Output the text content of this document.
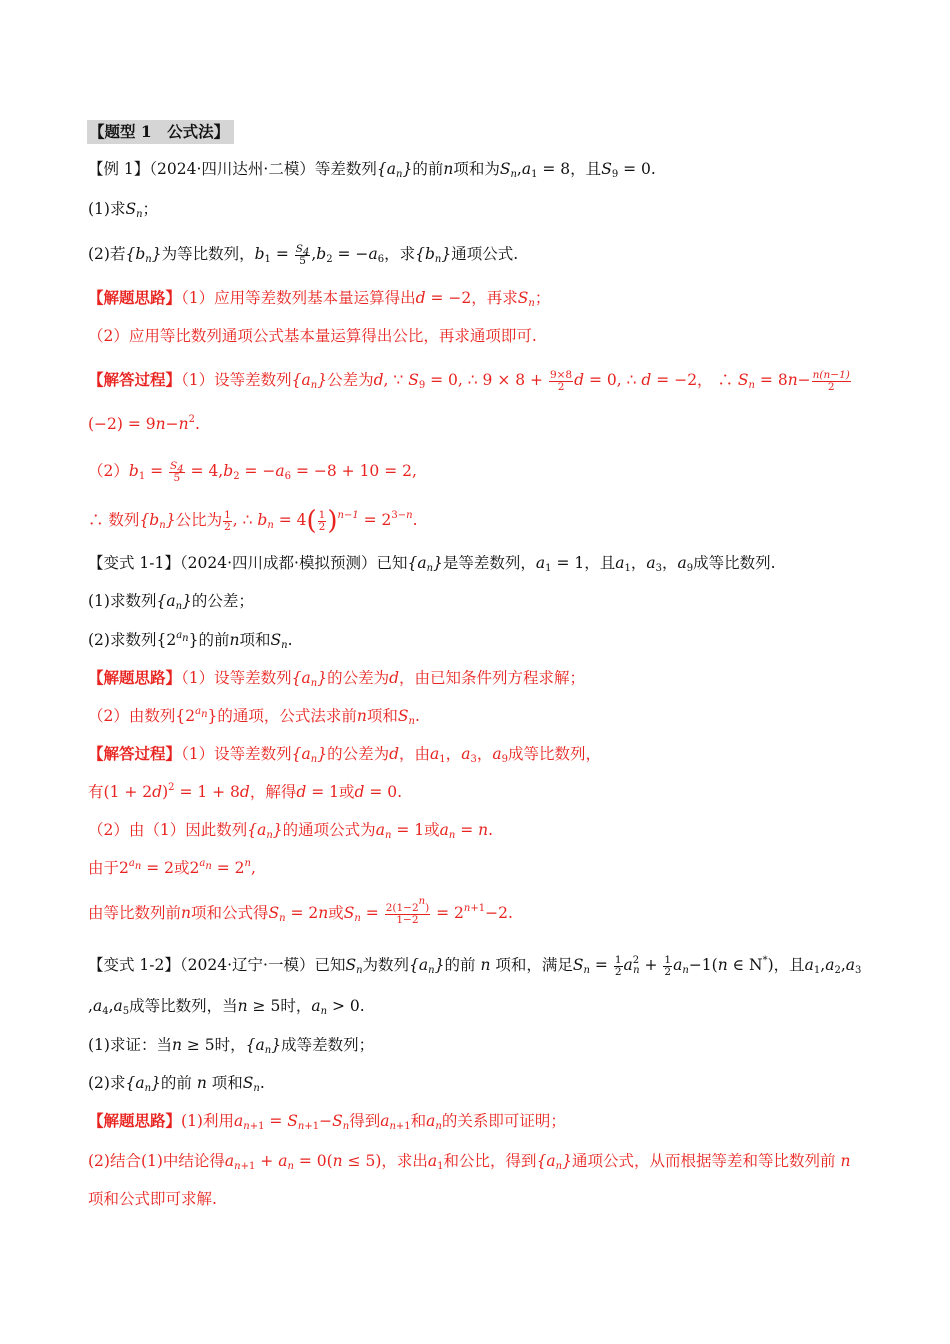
【题型 1　公式法】
【例 1】（2024·四川达州·二模）等差数列$\{a_n\}$的前n项和为$S_n,a_1 = 8$，且$S_9 = 0$.
(1)求$S_n$；
(2)若$\{b_n\}$为等比数列，$b_1 = \frac{S_4}{5} ,b_2 = -a_6$，求$\{b_n\}$通项公式.
【解题思路】（1）应用等差数列基本量运算得出d = −2，再求$S_n$；
（2）应用等比数列通项公式基本量运算得出公比，再求通项即可.
【解答过程】（1）设等差数列$\{a_n\}$公差为d, ∵ $S_9 = 0$, ∴ $9 \times 8 + \frac{9\times 8}{2}$ d = 0, ∴ d = −2， ∴ $S_n = 8n- \frac{n(n-1)}{2}$
$(-2) = 9n-n^2$.
$(2)b_1 = \frac{S_4}{5} = 4,b_2 = -a_6 = -8 + 10 = 2$,
∴ 数列$\{b_n\}$公比为 $\frac{1}{2}$ , ∴ $b_n = 4( \frac{1}{2} )^{n-1} = 2^{3-n}$.
【变式 1-1】（2024·四川成都·模拟预测）已知$\{a_n\}$是等差数列，$a_1 = 1$，且$a_1$，$a_3$，$a_9$成等比数列.
(1)求数列$\{a_n\}$的公差；
(2)求数列$\{2^{a_n}\}$的前n项和$S_n$.
【解题思路】（1）设等差数列$\{a_n\}$的公差为d，由已知条件列方程求解；
（2）由数列$\{2^{a_n}\}$的通项，公式法求前n项和$S_n$.
【解答过程】（1）设等差数列$\{a_n\}$的公差为d，由$a_1$，$a_3$，$a_9$成等比数列，
有$(1 + 2d)^2 = 1 + 8d$，解得d = 1或d = 0.
（2）由（1）因此数列$\{a_n\}$的通项公式为$a_n = 1$或$a_n = n$.
由于$2^{a_n} = 2$或$2^{a_n} = 2^n$,
由等比数列前n项和公式得$S_n = 2n$或$S_n = \frac{2(1-2^n)}{1-2} = 2^{n+1}-2$.
【变式 1-2】（2024·辽宁·一模）已知$S_n$为数列$\{a_n\}$的前 n 项和，满足$S_n = \frac{1}{2} a^2_n + \frac{1}{2} a_n-1(n$ ∈ N*)，且$a_1,a_2,a_3$
$,a_4,a_5$成等比数列，当n ≥ 5时，$a_n > 0$.
(1)求证：当n ≥ 5时，$\{a_n\}$成等差数列；
(2)求$\{a_n\}$的前 n 项和$S_n$.
【解题思路】(1)利用$a_{n+1} = S_{n+1}-S_n$得到$a_{n+1}$和$a_n$的关系即可证明；
(2)结合(1)中结论得$a_{n+1} + a_n = 0(n \le 5)$，求出$a_1$和公比，得到$\{a_n\}$通项公式，从而根据等差和等比数列前 n
项和公式即可求解.
